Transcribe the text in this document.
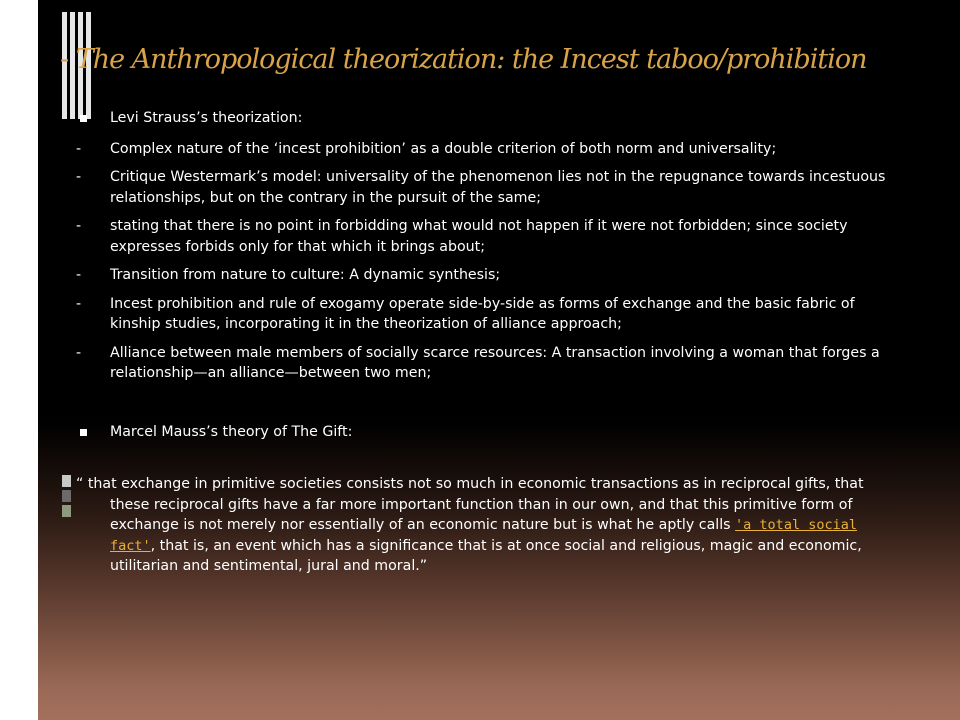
- The Anthropological theorization: the Incest taboo/prohibition
Levi Strauss’s theorization:
-	Complex nature of the ‘incest prohibition’ as a double criterion of both norm and universality;
-	Critique Westermark’s model: universality of the phenomenon lies not in the repugnance towards incestuous relationships, but on the contrary in the pursuit of the same;
-	stating that there is no point in forbidding what would not happen if it were not forbidden; since society expresses forbids only for that which it brings about;
-	Transition from nature to culture: A dynamic synthesis;
-	Incest prohibition and rule of exogamy operate side-by-side as forms of exchange and the basic fabric of kinship studies, incorporating it in the theorization of alliance approach;
-	Alliance between male members of socially scarce resources: A transaction involving a woman that forges a relationship—an alliance—between two men;
Marcel Mauss’s theory of The Gift:
“ that exchange in primitive societies consists not so much in economic transactions as in reciprocal gifts, that these reciprocal gifts have a far more important function than in our own, and that this primitive form of exchange is not merely nor essentially of an economic nature but is what he aptly calls 'a total social fact', that is, an event which has a significance that is at once social and religious, magic and economic, utilitarian and sentimental, jural and moral.”
